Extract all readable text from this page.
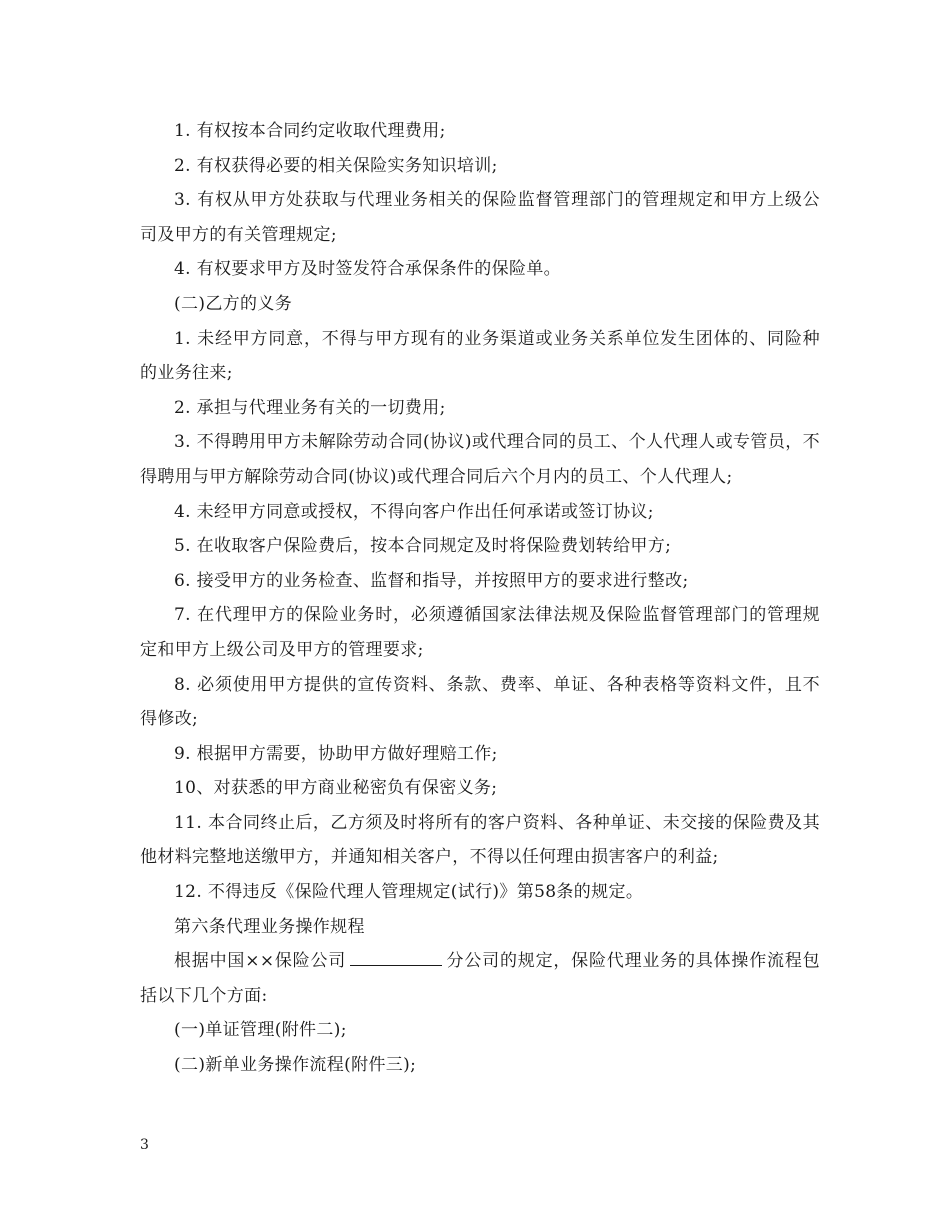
1. 有权按本合同约定收取代理费用;

2. 有权获得必要的相关保险实务知识培训;

3. 有权从甲方处获取与代理业务相关的保险监督管理部门的管理规定和甲方上级公司及甲方的有关管理规定;

4. 有权要求甲方及时签发符合承保条件的保险单。

(二)乙方的义务

1. 未经甲方同意，不得与甲方现有的业务渠道或业务关系单位发生团体的、同险种的业务往来;

2. 承担与代理业务有关的一切费用;

3. 不得聘用甲方未解除劳动合同(协议)或代理合同的员工、个人代理人或专管员，不得聘用与甲方解除劳动合同(协议)或代理合同后六个月内的员工、个人代理人;

4. 未经甲方同意或授权，不得向客户作出任何承诺或签订协议;

5. 在收取客户保险费后，按本合同规定及时将保险费划转给甲方;

6. 接受甲方的业务检查、监督和指导，并按照甲方的要求进行整改;

7. 在代理甲方的保险业务时，必须遵循国家法律法规及保险监督管理部门的管理规定和甲方上级公司及甲方的管理要求;

8. 必须使用甲方提供的宣传资料、条款、费率、单证、各种表格等资料文件，且不得修改;

9. 根据甲方需要，协助甲方做好理赔工作;

10、对获悉的甲方商业秘密负有保密义务;

11. 本合同终止后，乙方须及时将所有的客户资料、各种单证、未交接的保险费及其他材料完整地送缴甲方，并通知相关客户，不得以任何理由损害客户的利益;

12. 不得违反《保险代理人管理规定(试行)》第58条的规定。

第六条代理业务操作规程

根据中国××保险公司	分公司的规定，保险代理业务的具体操作流程包括以下几个方面:

(一)单证管理(附件二);

(二)新单业务操作流程(附件三);

3
